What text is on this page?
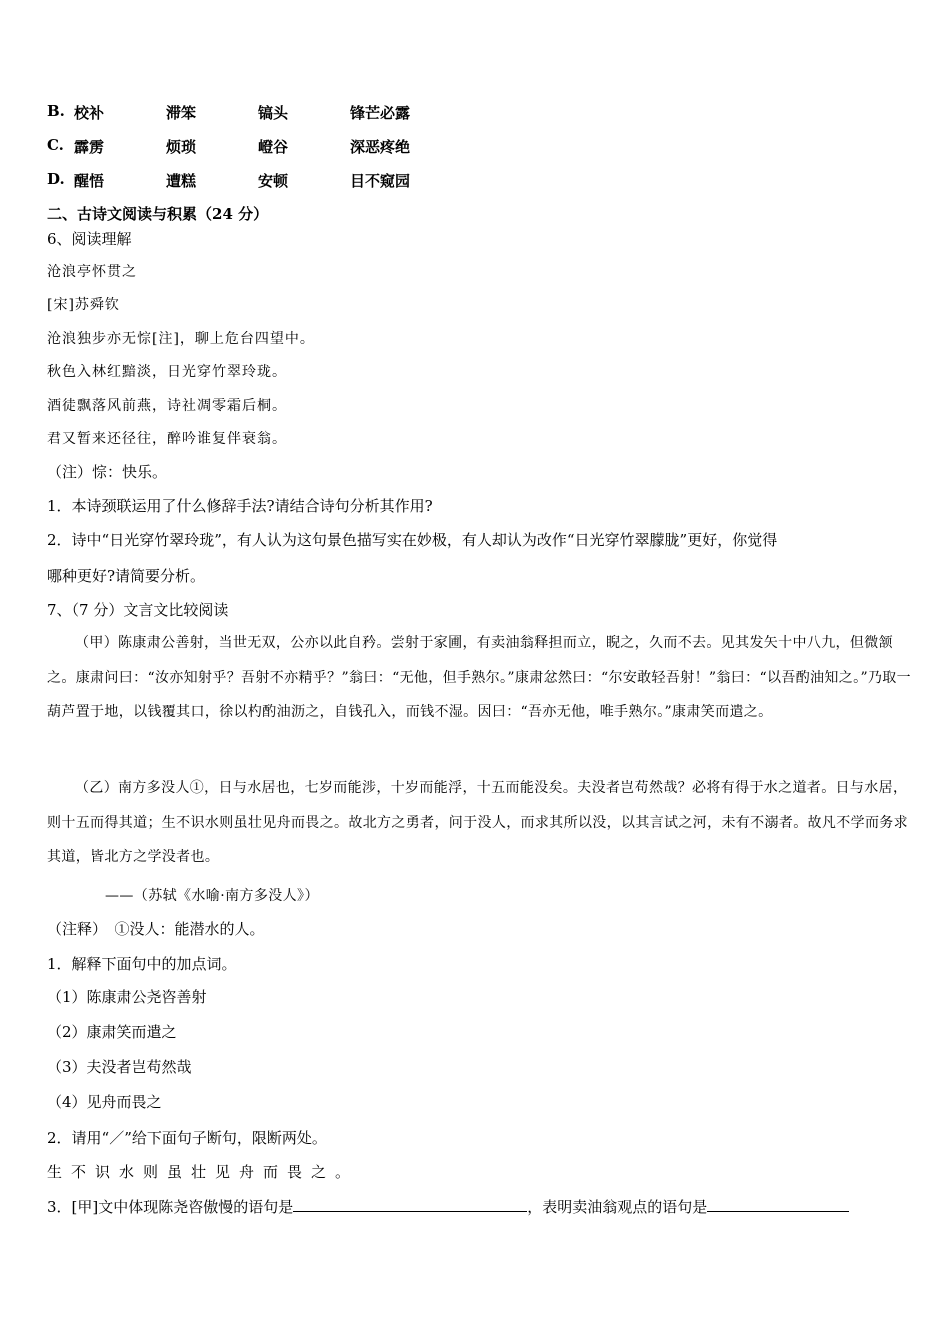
B. 校补	滞笨	镐头	锋芒必露
C. 霹雳	烦琐	嶝谷	深恶疼绝
D. 醒悟	遭糕	安顿	目不窥园
二、古诗文阅读与积累（24 分）
6、阅读理解
沧浪亭怀贯之
[宋]苏舜钦
沧浪独步亦无悰[注]，聊上危台四望中。
秋色入林红黯淡，日光穿竹翠玲珑。
酒徒飘落风前燕，诗社凋零霜后桐。
君又暂来还径往，醉吟谁复伴衰翁。
（注）悰：快乐。
1．本诗颈联运用了什么修辞手法?请结合诗句分析其作用?
2．诗中“日光穿竹翠玲珑”，有人认为这句景色描写实在妙极，有人却认为改作“日光穿竹翠朦胧”更好，你觉得
哪种更好?请简要分析。
7、（7 分）文言文比较阅读

（甲）陈康肃公善射，当世无双，公亦以此自矜。尝射于家圃，有卖油翁释担而立，睨之，久而不去。见其发矢十中八九，但微颔之。康肃问曰：“汝亦知射乎？吾射不亦精乎？”翁曰：“无他，但手熟尔。”康肃忿然曰：“尔安敢轻吾射！”翁曰：“以吾酌油知之。”乃取一葫芦置于地，以钱覆其口，徐以杓酌油沥之，自钱孔入，而钱不湿。因曰：“吾亦无他，唯手熟尔。”康肃笑而遣之。

（乙）南方多没人①，日与水居也，七岁而能涉，十岁而能浮，十五而能没矣。夫没者岂苟然哉？必将有得于水之道者。日与水居，则十五而得其道；生不识水则虽壮见舟而畏之。故北方之勇者，问于没人，而求其所以没，以其言试之河，未有不溺者。故凡不学而务求其道，皆北方之学没者也。

——（苏轼《水喻·南方多没人》）
（注释）　①没人：能潜水的人。
1．解释下面句中的加点词。
（1）陈康肃公尧咨善射
（2）康肃笑而遣之
（3）夫没者岂苟然哉
（4）见舟而畏之
2．请用“／”给下面句子断句，限断两处。
生不识水则虽壮见舟而畏之。
3．[甲]文中体现陈尧咨傲慢的语句是	，表明卖油翁观点的语句是
